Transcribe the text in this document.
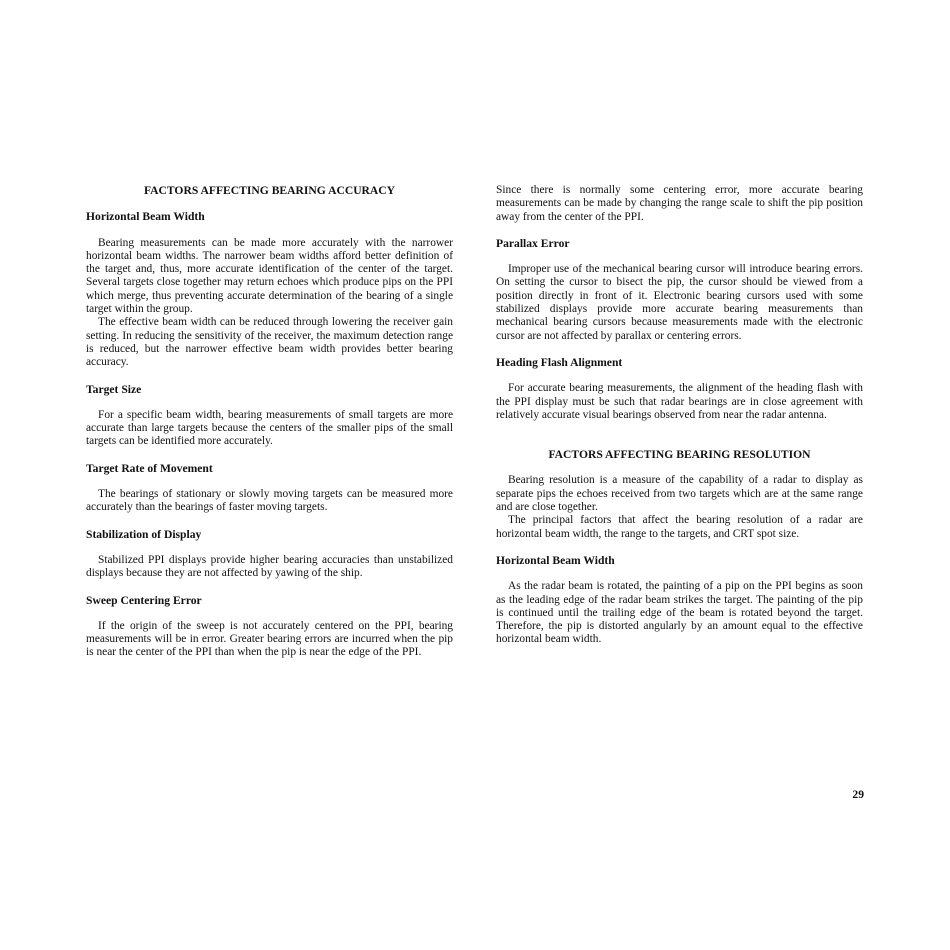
FACTORS AFFECTING BEARING ACCURACY
Horizontal Beam Width

Bearing measurements can be made more accurately with the narrower horizontal beam widths. The narrower beam widths afford better definition of the target and, thus, more accurate identification of the center of the target. Several targets close together may return echoes which produce pips on the PPI which merge, thus preventing accurate determination of the bearing of a single target within the group.

The effective beam width can be reduced through lowering the receiver gain setting. In reducing the sensitivity of the receiver, the maximum detection range is reduced, but the narrower effective beam width provides better bearing accuracy.

Target Size

For a specific beam width, bearing measurements of small targets are more accurate than large targets because the centers of the smaller pips of the small targets can be identified more accurately.

Target Rate of Movement

The bearings of stationary or slowly moving targets can be measured more accurately than the bearings of faster moving targets.

Stabilization of Display

Stabilized PPI displays provide higher bearing accuracies than unstabilized displays because they are not affected by yawing of the ship.

Sweep Centering Error

If the origin of the sweep is not accurately centered on the PPI, bearing measurements will be in error. Greater bearing errors are incurred when the pip is near the center of the PPI than when the pip is near the edge of the PPI.

Since there is normally some centering error, more accurate bearing measurements can be made by changing the range scale to shift the pip position away from the center of the PPI.

Parallax Error

Improper use of the mechanical bearing cursor will introduce bearing errors. On setting the cursor to bisect the pip, the cursor should be viewed from a position directly in front of it. Electronic bearing cursors used with some stabilized displays provide more accurate bearing measurements than mechanical bearing cursors because measurements made with the electronic cursor are not affected by parallax or centering errors.

Heading Flash Alignment

For accurate bearing measurements, the alignment of the heading flash with the PPI display must be such that radar bearings are in close agreement with relatively accurate visual bearings observed from near the radar antenna.

FACTORS AFFECTING BEARING RESOLUTION

Bearing resolution is a measure of the capability of a radar to display as separate pips the echoes received from two targets which are at the same range and are close together.

The principal factors that affect the bearing resolution of a radar are horizontal beam width, the range to the targets, and CRT spot size.

Horizontal Beam Width

As the radar beam is rotated, the painting of a pip on the PPI begins as soon as the leading edge of the radar beam strikes the target. The painting of the pip is continued until the trailing edge of the beam is rotated beyond the target. Therefore, the pip is distorted angularly by an amount equal to the effective horizontal beam width.

29
